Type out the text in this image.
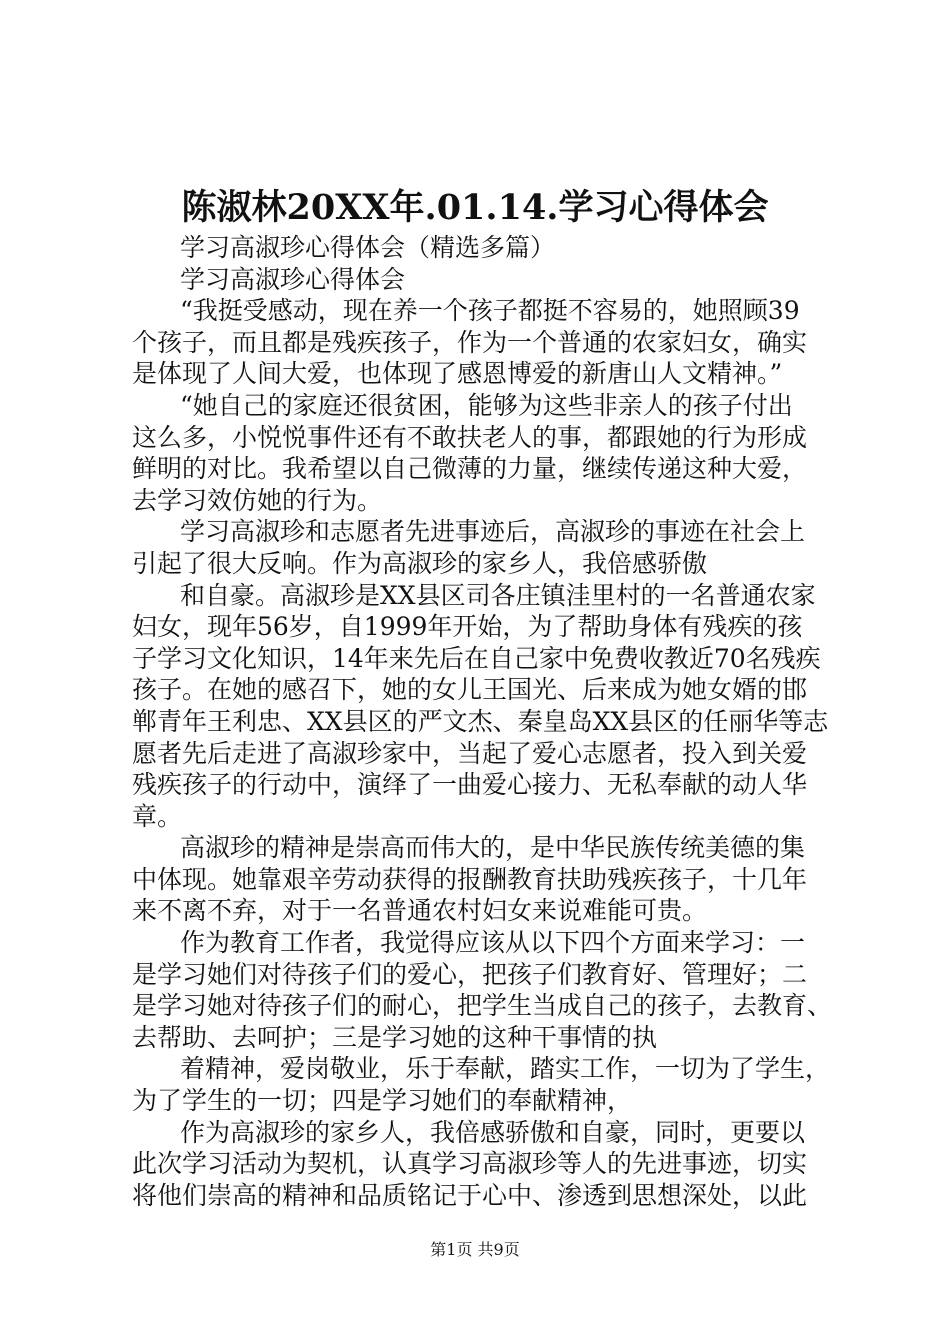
陈淑林20XX年.01.14.学习心得体会
学习高淑珍心得体会（精选多篇）
学习高淑珍心得体会
“我挺受感动，现在养一个孩子都挺不容易的，她照顾39
个孩子，而且都是残疾孩子，作为一个普通的农家妇女，确实
是体现了人间大爱，也体现了感恩博爱的新唐山人文精神。”
“她自己的家庭还很贫困，能够为这些非亲人的孩子付出
这么多，小悦悦事件还有不敢扶老人的事，都跟她的行为形成
鲜明的对比。我希望以自己微薄的力量，继续传递这种大爱，
去学习效仿她的行为。
学习高淑珍和志愿者先进事迹后，高淑珍的事迹在社会上
引起了很大反响。作为高淑珍的家乡人，我倍感骄傲
和自豪。高淑珍是XX县区司各庄镇洼里村的一名普通农家
妇女，现年56岁，自1999年开始，为了帮助身体有残疾的孩
子学习文化知识，14年来先后在自己家中免费收教近70名残疾
孩子。在她的感召下，她的女儿王国光、后来成为她女婿的邯
郸青年王利忠、XX县区的严文杰、秦皇岛XX县区的任丽华等志
愿者先后走进了高淑珍家中，当起了爱心志愿者，投入到关爱
残疾孩子的行动中，演绎了一曲爱心接力、无私奉献的动人华
章。
高淑珍的精神是崇高而伟大的，是中华民族传统美德的集
中体现。她靠艰辛劳动获得的报酬教育扶助残疾孩子，十几年
来不离不弃，对于一名普通农村妇女来说难能可贵。
作为教育工作者，我觉得应该从以下四个方面来学习：一
是学习她们对待孩子们的爱心，把孩子们教育好、管理好；二
是学习她对待孩子们的耐心，把学生当成自己的孩子，去教育、
去帮助、去呵护；三是学习她的这种干事情的执
着精神，爱岗敬业，乐于奉献，踏实工作，一切为了学生，
为了学生的一切；四是学习她们的奉献精神，
作为高淑珍的家乡人，我倍感骄傲和自豪，同时，更要以
此次学习活动为契机，认真学习高淑珍等人的先进事迹，切实
将他们崇高的精神和品质铭记于心中、渗透到思想深处，以此
第1页 共9页
